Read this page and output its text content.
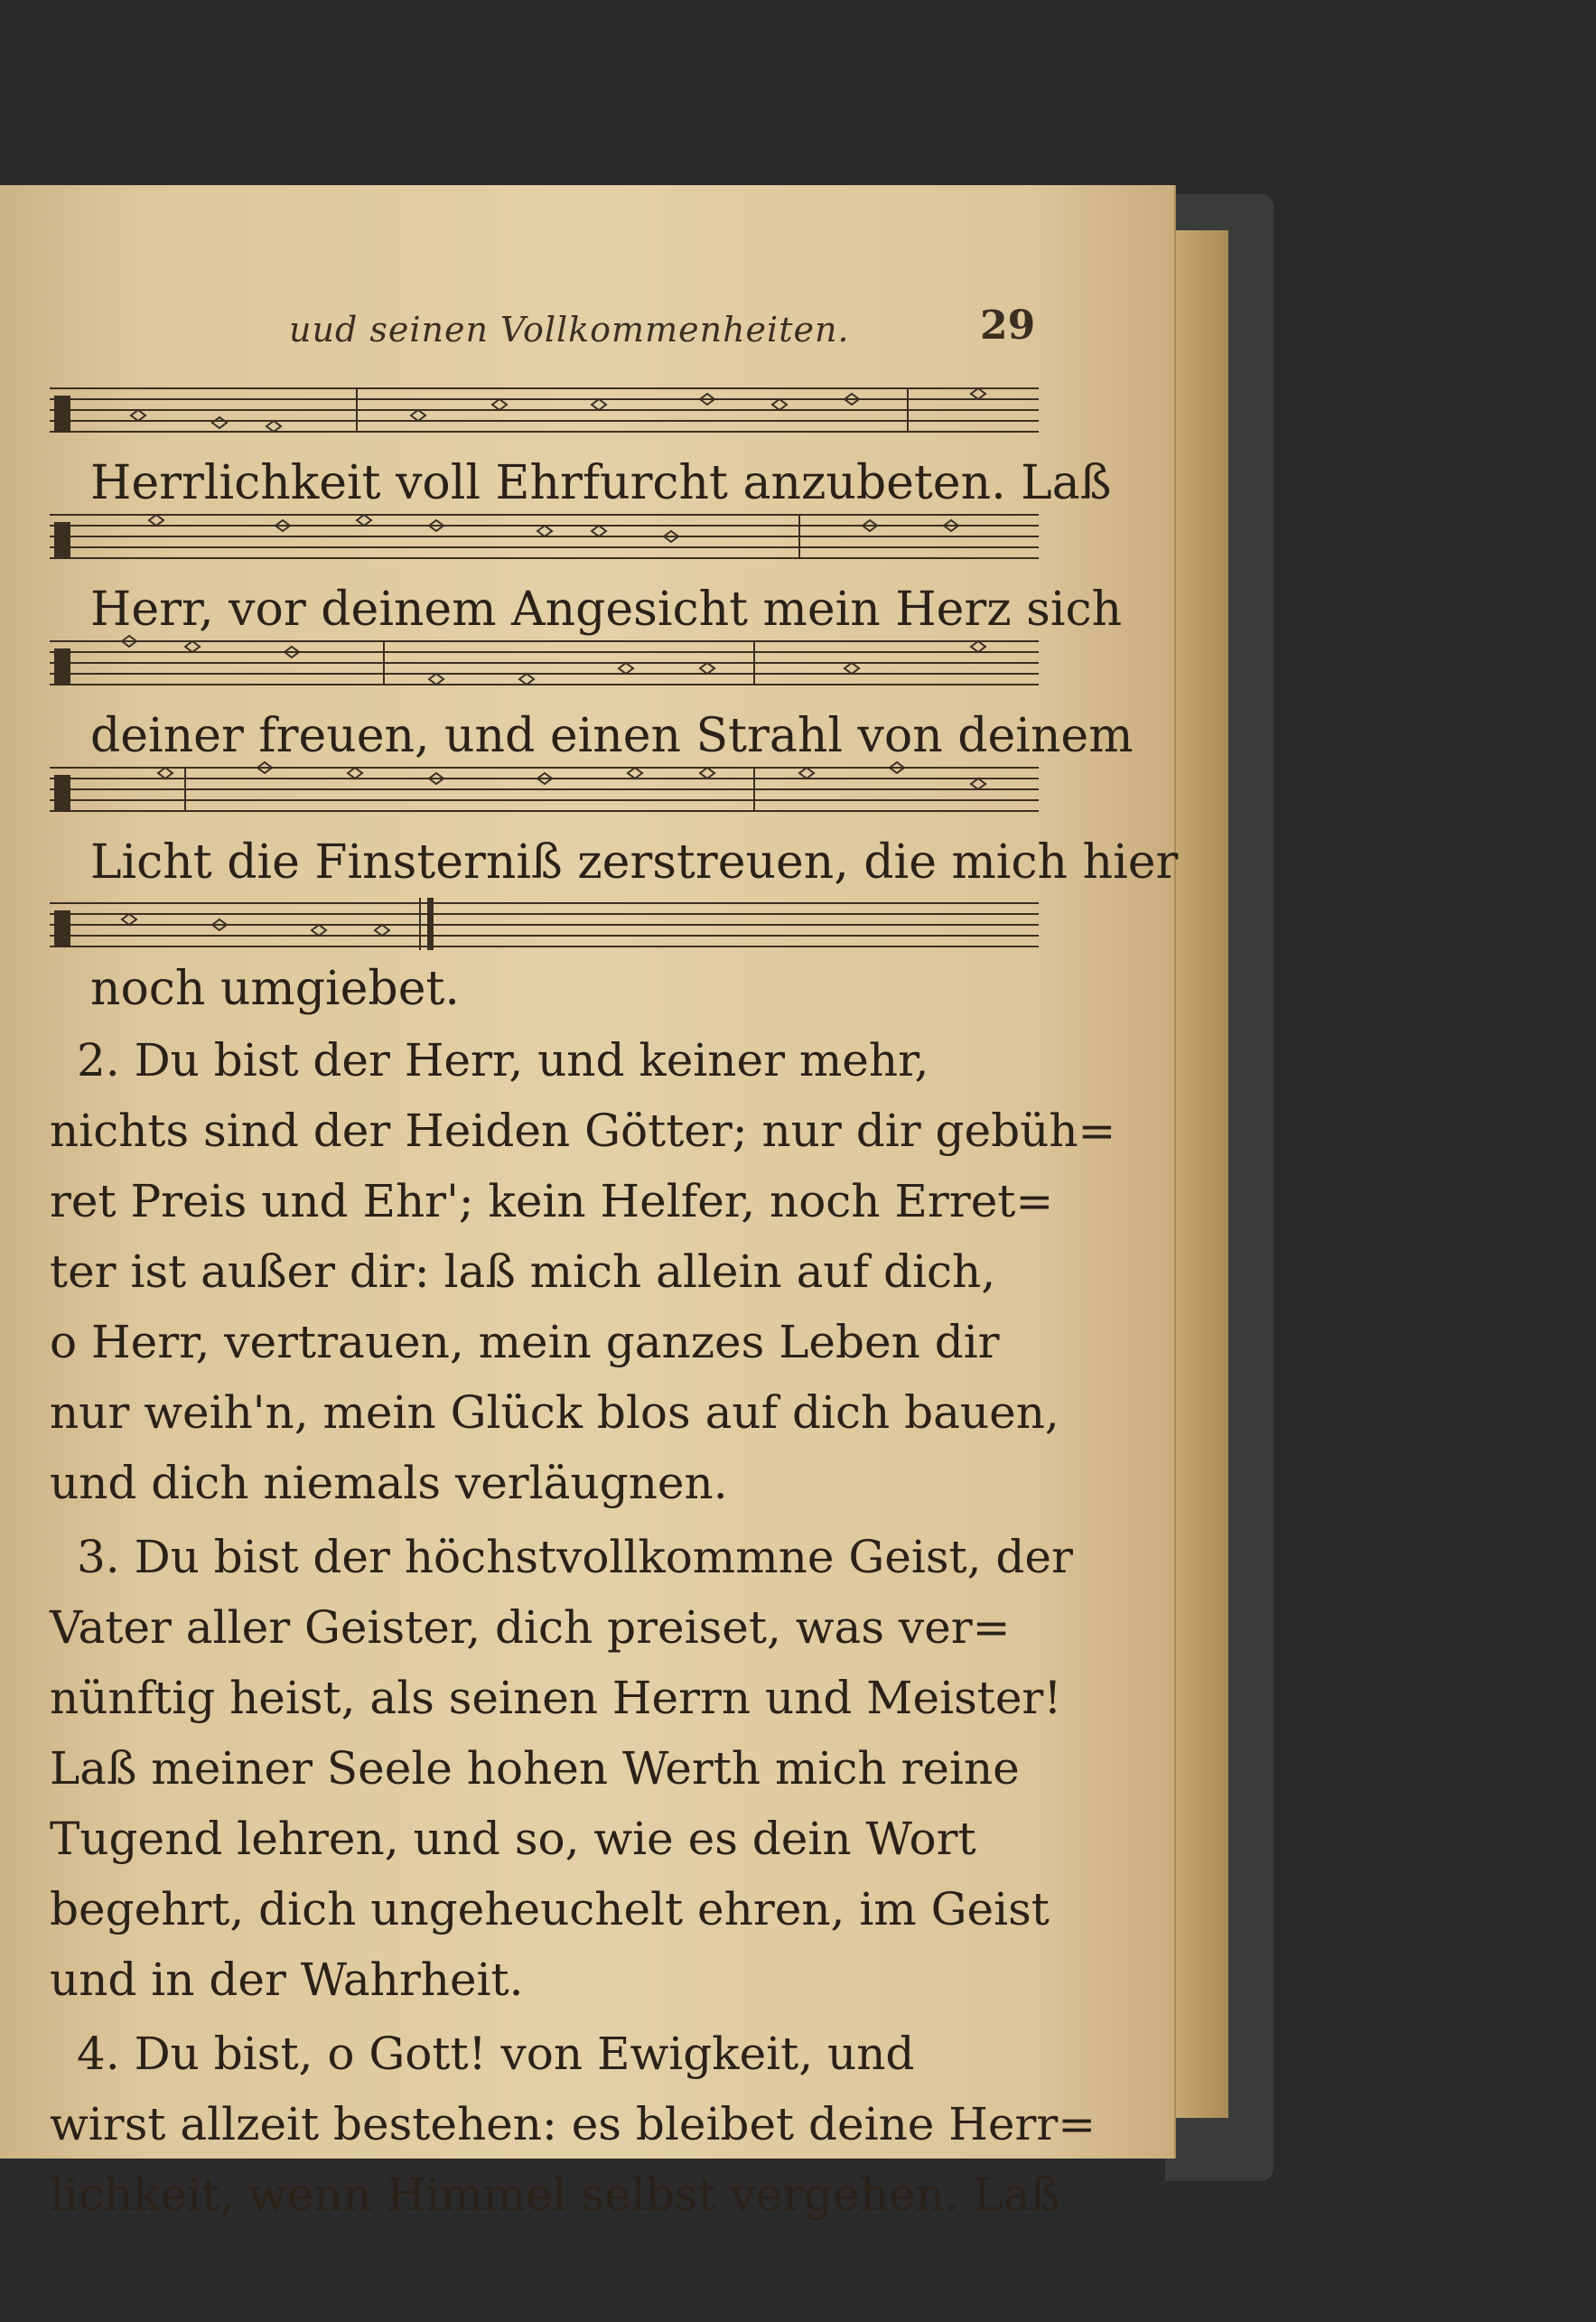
uud seinen Vollkommenheiten.	29
Herrlichkeit voll Ehrfurcht anzubeten. Laß
Herr, vor deinem Angesicht mein Herz sich
deiner freuen, und einen Strahl von deinem
Licht die Finsterniß zerstreuen, die mich hier
noch umgiebet.
2. Du bist der Herr, und keiner mehr,
nichts sind der Heiden Götter; nur dir gebüh=
ret Preis und Ehr'; kein Helfer, noch Erret=
ter ist außer dir: laß mich allein auf dich,
o Herr, vertrauen, mein ganzes Leben dir
nur weih'n, mein Glück blos auf dich bauen,
und dich niemals verläugnen.
3. Du bist der höchstvollkommne Geist, der
Vater aller Geister, dich preiset, was ver=
nünftig heist, als seinen Herrn und Meister!
Laß meiner Seele hohen Werth mich reine
Tugend lehren, und so, wie es dein Wort
begehrt, dich ungeheuchelt ehren, im Geist
und in der Wahrheit.
4. Du bist, o Gott! von Ewigkeit, und
wirst allzeit bestehen: es bleibet deine Herr=
lichkeit, wenn Himmel selbst vergehen. Laß
